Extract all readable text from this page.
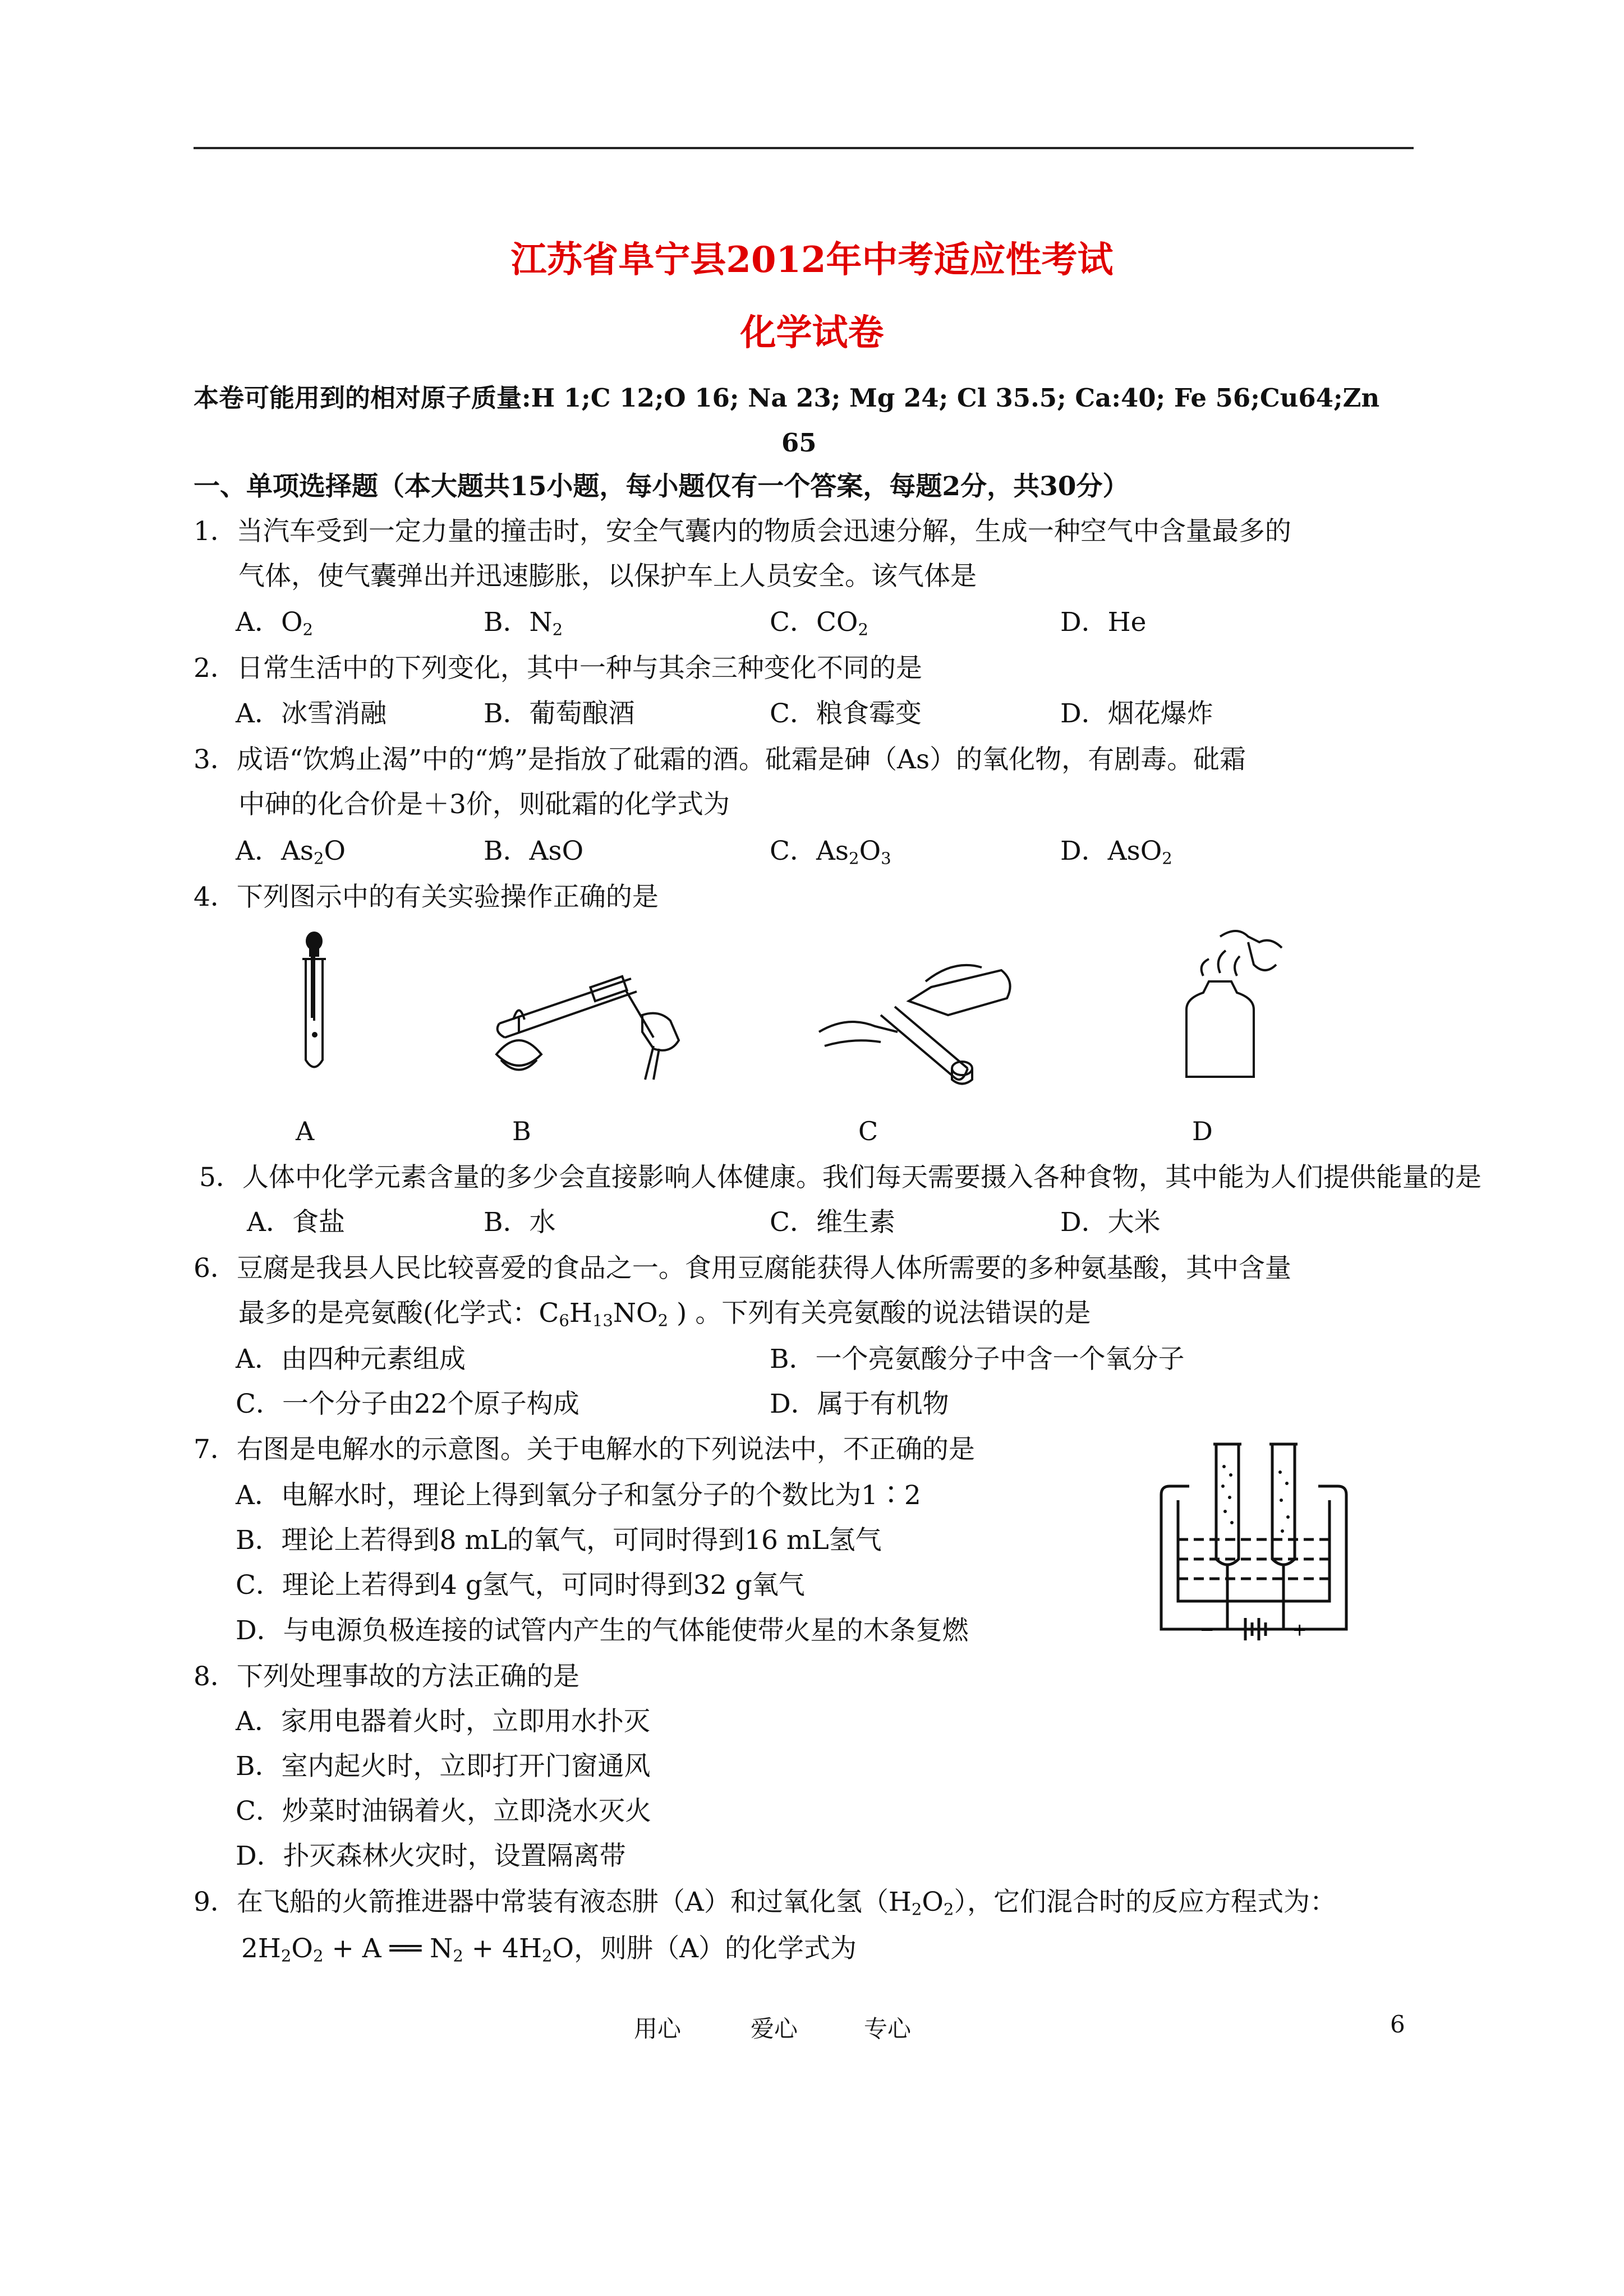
江苏省阜宁县2012年中考适应性考试
化学试卷
本卷可能用到的相对原子质量:H 1;C 12;O 16; Na 23; Mg 24; Cl 35.5; Ca:40; Fe 56;Cu64;Zn
65
一、单项选择题（本大题共15小题，每小题仅有一个答案，每题2分，共30分）
1．当汽车受到一定力量的撞击时，安全气囊内的物质会迅速分解，生成一种空气中含量最多的
气体，使气囊弹出并迅速膨胀，以保护车上人员安全。该气体是
A．$O_2$	B．$N_2$	C．$CO_2$	D．He
2．日常生活中的下列变化，其中一种与其余三种变化不同的是
A．冰雪消融	B．葡萄酿酒	C．粮食霉变	D．烟花爆炸
3．成语“饮鸩止渴”中的“鸩”是指放了砒霜的酒。砒霜是砷（As）的氧化物，有剧毒。砒霜
中砷的化合价是＋3价，则砒霜的化学式为
A．$As_2O$	B．AsO	C．$As_2O_3$	D．AsO$_2$
4．下列图示中的有关实验操作正确的是
A	B	C	D
5．人体中化学元素含量的多少会直接影响人体健康。我们每天需要摄入各种食物，其中能为人们提供能量的是
A．食盐	B．水	C．维生素	D．大米
6．豆腐是我县人民比较喜爱的食品之一。食用豆腐能获得人体所需要的多种氨基酸，其中含量
最多的是亮氨酸(化学式：$C_6H_{13}NO_2$ ) 。下列有关亮氨酸的说法错误的是
A．由四种元素组成	B．一个亮氨酸分子中含一个氧分子
C．一个分子由22个原子构成	D．属于有机物
7．右图是电解水的示意图。关于电解水的下列说法中，不正确的是
A．电解水时，理论上得到氧分子和氢分子的个数比为1∶2
B．理论上若得到8 mL的氧气，可同时得到16 mL氢气
C．理论上若得到4 g氢气，可同时得到32 g氧气
D．与电源负极连接的试管内产生的气体能使带火星的木条复燃	−	+
8．下列处理事故的方法正确的是
A．家用电器着火时，立即用水扑灭
B．室内起火时，立即打开门窗通风
C．炒菜时油锅着火，立即浇水灭火
D．扑灭森林火灾时，设置隔离带
9．在飞船的火箭推进器中常装有液态肼（A）和过氧化氢$(H_2O_2)$，它们混合时的反应方程式为：
$2H_2O_2 + A$ ══ $N_2 + 4H_2O$，则肼（A）的化学式为
用心	爱心	专心	6
